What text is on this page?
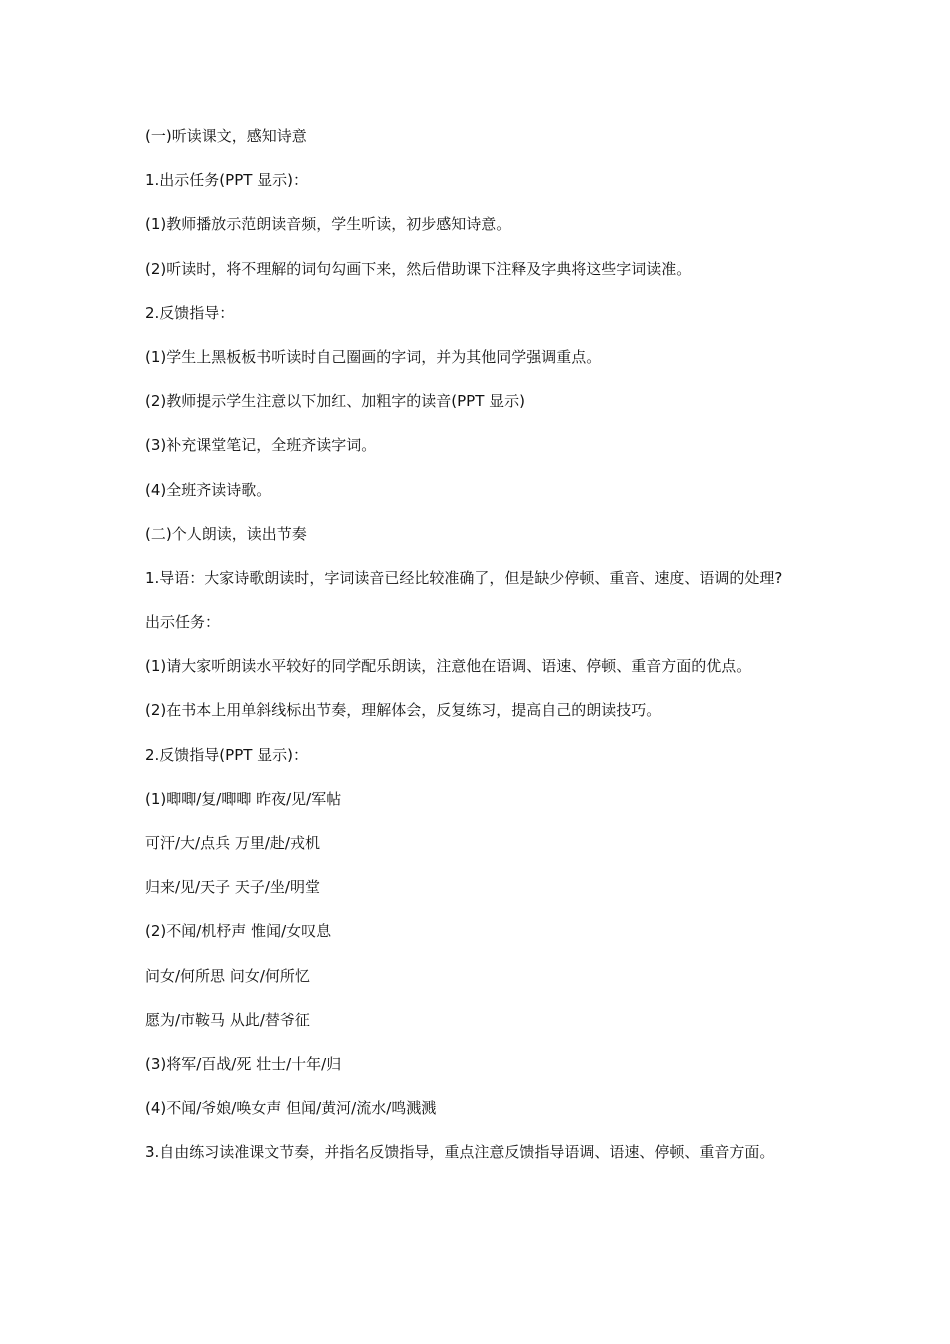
(一)听读课文，感知诗意

1.出示任务(PPT 显示)：

(1)教师播放示范朗读音频，学生听读，初步感知诗意。

(2)听读时，将不理解的词句勾画下来，然后借助课下注释及字典将这些字词读准。

2.反馈指导：

(1)学生上黑板板书听读时自己圈画的字词，并为其他同学强调重点。

(2)教师提示学生注意以下加红、加粗字的读音(PPT 显示)

(3)补充课堂笔记，全班齐读字词。

(4)全班齐读诗歌。

(二)个人朗读，读出节奏

1.导语：大家诗歌朗读时，字词读音已经比较准确了，但是缺少停顿、重音、速度、语调的处理?

出示任务：

(1)请大家听朗读水平较好的同学配乐朗读，注意他在语调、语速、停顿、重音方面的优点。

(2)在书本上用单斜线标出节奏，理解体会，反复练习，提高自己的朗读技巧。

2.反馈指导(PPT 显示)：

(1)唧唧/复/唧唧 昨夜/见/军帖

可汗/大/点兵 万里/赴/戎机

归来/见/天子 天子/坐/明堂

(2)不闻/机杼声 惟闻/女叹息

问女/何所思 问女/何所忆

愿为/市鞍马 从此/替爷征

(3)将军/百战/死 壮士/十年/归

(4)不闻/爷娘/唤女声 但闻/黄河/流水/鸣溅溅

3.自由练习读准课文节奏，并指名反馈指导，重点注意反馈指导语调、语速、停顿、重音方面。
